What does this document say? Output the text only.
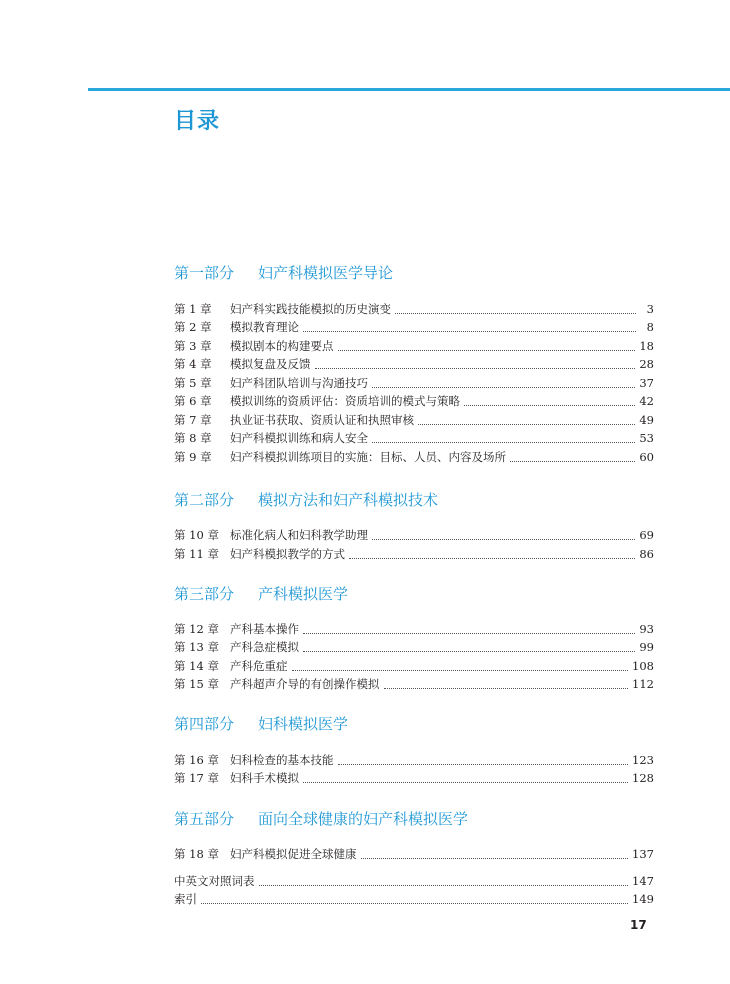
目录
第一部分 妇产科模拟医学导论
第 1 章	妇产科实践技能模拟的历史演变	3
第 2 章	模拟教育理论	8
第 3 章	模拟剧本的构建要点	18
第 4 章	模拟复盘及反馈	28
第 5 章	妇产科团队培训与沟通技巧	37
第 6 章	模拟训练的资质评估：资质培训的模式与策略	42
第 7 章	执业证书获取、资质认证和执照审核	49
第 8 章	妇产科模拟训练和病人安全	53
第 9 章	妇产科模拟训练项目的实施：目标、人员、内容及场所	60
第二部分 模拟方法和妇产科模拟技术
第 10 章 标准化病人和妇科教学助理	69
第 11 章 妇产科模拟教学的方式	86
第三部分 产科模拟医学
第 12 章 产科基本操作	93
第 13 章 产科急症模拟	99
第 14 章 产科危重症	108
第 15 章 产科超声介导的有创操作模拟	112
第四部分 妇科模拟医学
第 16 章 妇科检查的基本技能	123
第 17 章 妇科手术模拟	128
第五部分 面向全球健康的妇产科模拟医学
第 18 章 妇产科模拟促进全球健康	137
中英文对照词表	147
索引	149
17
